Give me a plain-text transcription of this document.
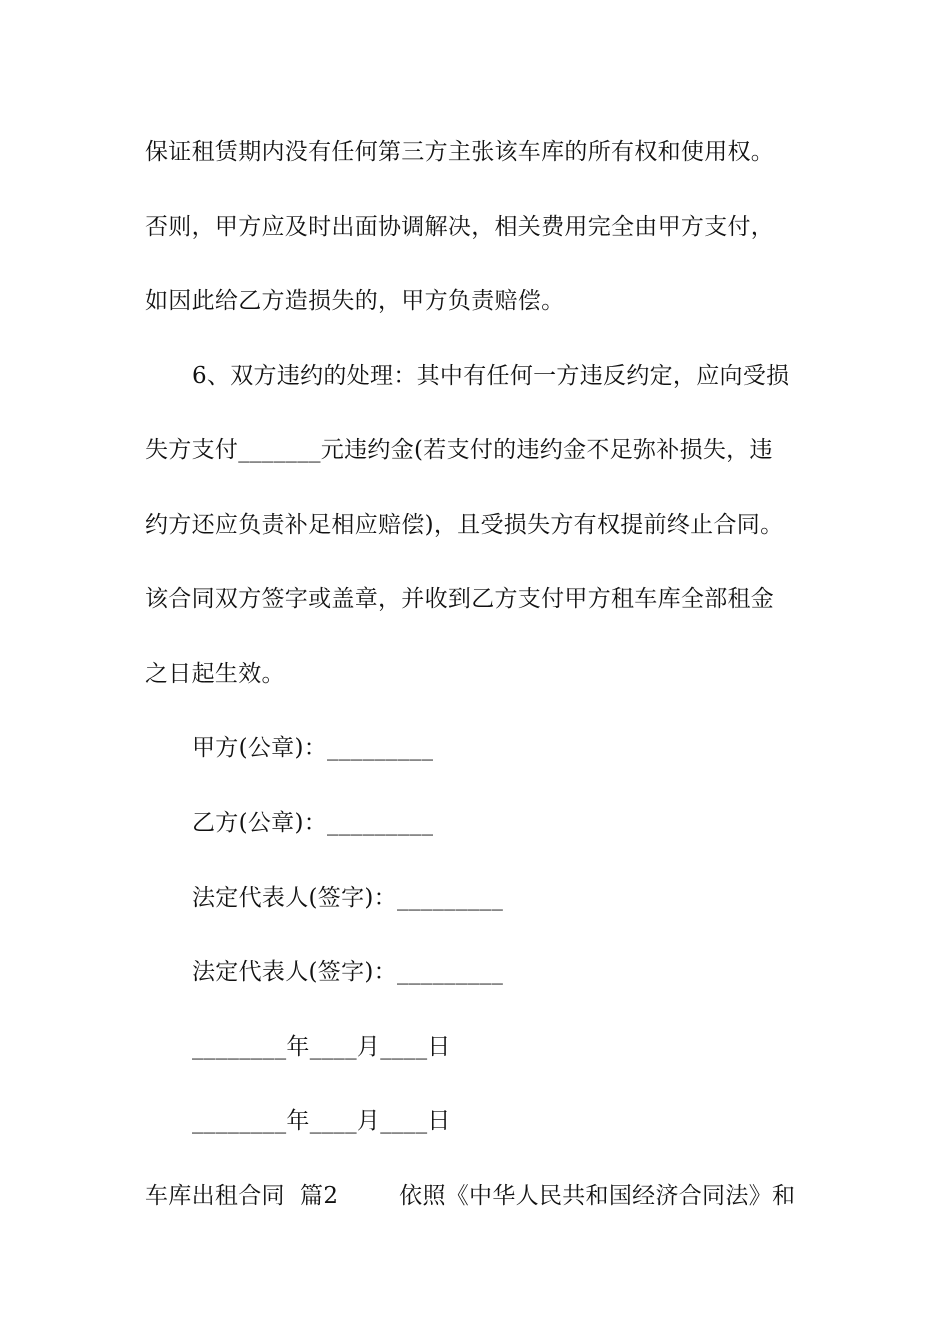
保证租赁期内没有任何第三方主张该车库的所有权和使用权。
否则，甲方应及时出面协调解决，相关费用完全由甲方支付，
如因此给乙方造损失的，甲方负责赔偿。
6、双方违约的处理：其中有任何一方违反约定，应向受损
失方支付_______元违约金(若支付的违约金不足弥补损失，违
约方还应负责补足相应赔偿)，且受损失方有权提前终止合同。
该合同双方签字或盖章，并收到乙方支付甲方租车库全部租金
之日起生效。
甲方(公章)：_________
乙方(公章)：_________
法定代表人(签字)：_________
法定代表人(签字)：_________
________年____月____日
________年____月____日
车库出租合同  篇2        依照《中华人民共和国经济合同法》和
